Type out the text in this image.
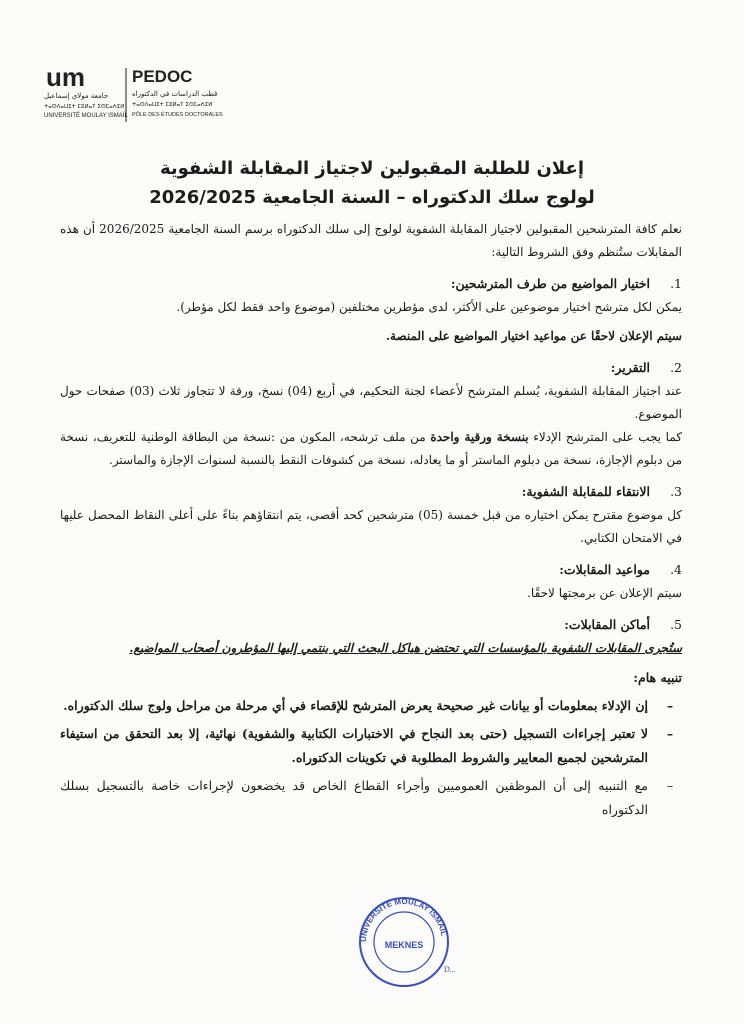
um
جامعة مولاي إسماعيل
ⵜⴰⵙⴷⴰⵡⵉⵜ ⵎⵓⵍⴰⵢ ⵉⵙⵎⴰⵄⵉⵍ
UNIVERSITÉ MOULAY ISMAÏL
PEDOC
قطب الدراسات في الدكتوراه
ⵜⴰⵙⴷⴰⵡⵉⵜ ⵎⵓⵍⴰⵢ ⵉⵙⵎⴰⵄⵉⵍ
PÔLE DES ÉTUDES DOCTORALES
إعلان للطلبة المقبولين لاجتياز المقابلة الشفوية
لولوج سلك الدكتوراه – السنة الجامعية 2026/2025

نعلم كافة المترشحين المقبولين لاجتياز المقابلة الشفوية لولوج إلى سلك الدكتوراه برسم السنة الجامعية 2026/2025 أن هذه المقابلات ستُنظم وفق الشروط التالية:

.1
اختيار المواضيع من طرف المترشحين:

يمكن لكل مترشح اختيار موضوعين على الأكثر، لدى مؤطرين مختلفين (موضوع واحد فقط لكل مؤطر).

سيتم الإعلان لاحقًا عن مواعيد اختيار المواضيع على المنصة.

.2
التقرير:

عند اجتياز المقابلة الشفوية، يُسلم المترشح لأعضاء لجنة التحكيم، في أربع (04) نسخ، ورقة لا تتجاوز ثلاث (03) صفحات حول الموضوع.

كما يجب على المترشح الإدلاء بنسخة ورقية واحدة من ملف ترشحه، المكون من :نسخة من البطاقة الوطنية للتعريف، نسخة من دبلوم الإجازة، نسخة من دبلوم الماستر أو ما يعادله، نسخة من كشوفات النقط بالنسبة لسنوات الإجازة والماستر.

.3
الانتقاء للمقابلة الشفوية:

كل موضوع مقترح يمكن اختياره من قبل خمسة (05) مترشحين كحد أقصى، يتم انتقاؤهم بناءً على أعلى النقاط المحصل عليها في الامتحان الكتابي.

.4
مواعيد المقابلات:

سيتم الإعلان عن برمجتها لاحقًا.

.5
أماكن المقابلات:

ستُجرى المقابلات الشفوية بالمؤسسات التي تحتضن هياكل البحث التي ينتمي إليها المؤطرون أصحاب المواضيع.

تنبيه هام:
–
إن الإدلاء بمعلومات أو بيانات غير صحيحة يعرض المترشح للإقصاء في أي مرحلة من مراحل ولوج سلك الدكتوراه.
–
لا تعتبر إجراءات التسجيل (حتى بعد النجاح في الاختبارات الكتابية والشفوية) نهائية، إلا بعد التحقق من استيفاء المترشحين لجميع المعايير والشروط المطلوبة في تكوينات الدكتوراه.
–
مع التنبيه إلى أن الموظفين العموميين وأجراء القطاع الخاص قد يخضعون لإجراءات خاصة بالتسجيل بسلك الدكتوراه
UNIVERSITÉ MOULAY ISMAÏL
MEKNES
D...
